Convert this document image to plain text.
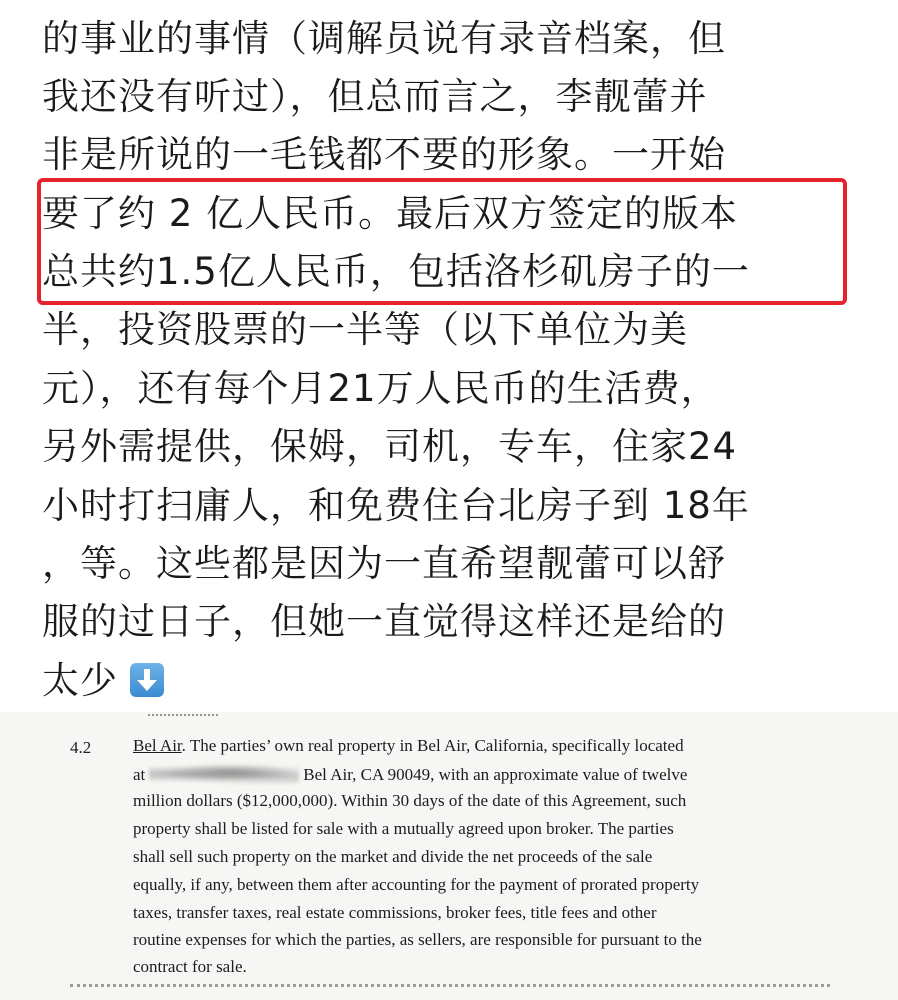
的事业的事情（调解员说有录音档案，但
我还没有听过），但总而言之，李靓蕾并
非是所说的一毛钱都不要的形象。一开始
要了约 2 亿人民币。最后双方签定的版本
总共约1.5亿人民币，包括洛杉矶房子的一
半，投资股票的一半等（以下单位为美
元），还有每个月21万人民币的生活费，
另外需提供，保姆，司机，专车，住家24
小时打扫庸人，和免费住台北房子到 18年
，等。这些都是因为一直希望靓蕾可以舒
服的过日子，但她一直觉得这样还是给的
太少
4.2 Bel Air. The parties’ own real property in Bel Air, California, specifically located
at	Bel Air, CA 90049, with an approximate value of twelve
million dollars ($12,000,000). Within 30 days of the date of this Agreement, such
property shall be listed for sale with a mutually agreed upon broker. The parties
shall sell such property on the market and divide the net proceeds of the sale
equally, if any, between them after accounting for the payment of prorated property
taxes, transfer taxes, real estate commissions, broker fees, title fees and other
routine expenses for which the parties, as sellers, are responsible for pursuant to the
contract for sale.
